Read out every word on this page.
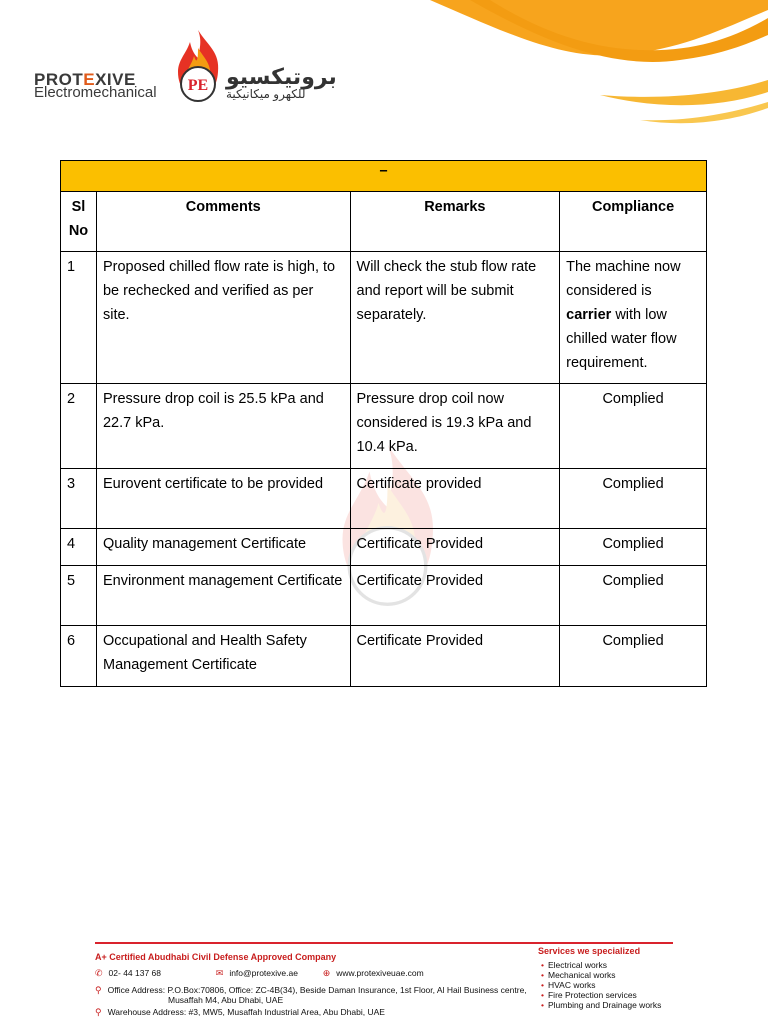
PROTEXIVE
Electromechanical PE بروتيكسيو
للكهرو ميكانيكية
–			
Sl No	Comments	Remarks	Compliance
1	Proposed chilled flow rate is high, to be rechecked and verified as per site.	Will check the stub flow rate and report will be submit separately.	The machine now considered is carrier with low chilled water flow requirement.
2	Pressure drop coil is 25.5 kPa and 22.7 kPa.	Pressure drop coil now considered is 19.3 kPa and 10.4 kPa.	Complied
3	Eurovent certificate to be provided	Certificate provided	Complied
4	Quality management Certificate	Certificate Provided	Complied
5	Environment management Certificate	Certificate Provided	Complied
6	Occupational and Health Safety Management Certificate	Certificate Provided	Complied
A+ Certified Abudhabi Civil Defense Approved Company
✆ 02- 44 137 68	✉ info@protexive.ae	⊕ www.protexiveuae.com
⚲ Office Address: P.O.Box:70806, Office: ZC-4B(34), Beside Daman Insurance, 1st Floor, Al Hail Business centre,
Musaffah M4, Abu Dhabi, UAE
⚲ Warehouse Address: #3, MW5, Musaffah Industrial Area, Abu Dhabi, UAE
Services we specialized
• Electrical works
• Mechanical works
• HVAC works
• Fire Protection services
• Plumbing and Drainage works
